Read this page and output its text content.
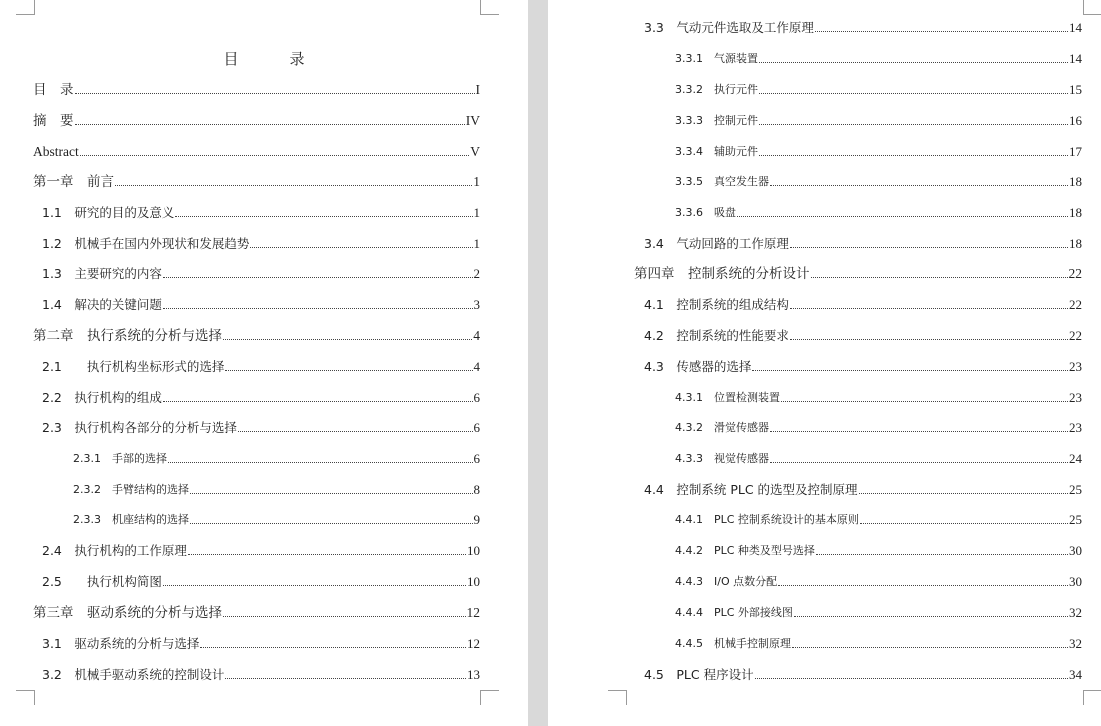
目　录
目　录	I
摘　要	IV
Abstract	V
第一章　前言	1
1.1　研究的目的及意义	1
1.2　机械手在国内外现状和发展趋势	1
1.3　主要研究的内容	2
1.4　解决的关键问题	3
第二章　执行系统的分析与选择	4
2.1　　执行机构坐标形式的选择	4
2.2　执行机构的组成	6
2.3　执行机构各部分的分析与选择	6
2.3.1　手部的选择	6
2.3.2　手臂结构的选择	8
2.3.3　机座结构的选择	9
2.4　执行机构的工作原理	10
2.5　　执行机构简图	10
第三章　驱动系统的分析与选择	12
3.1　驱动系统的分析与选择	12
3.2　机械手驱动系统的控制设计	13
3.3　气动元件选取及工作原理	14
3.3.1　气源装置	14
3.3.2　执行元件	15
3.3.3　控制元件	16
3.3.4　辅助元件	17
3.3.5　真空发生器	18
3.3.6　吸盘	18
3.4　气动回路的工作原理	18
第四章　控制系统的分析设计	22
4.1　控制系统的组成结构	22
4.2　控制系统的性能要求	22
4.3　传感器的选择	23
4.3.1　位置检测装置	23
4.3.2　滑觉传感器	23
4.3.3　视觉传感器	24
4.4　控制系统 PLC 的选型及控制原理	25
4.4.1　PLC 控制系统设计的基本原则	25
4.4.2　PLC 种类及型号选择	30
4.4.3　I/O 点数分配	30
4.4.4　PLC 外部接线图	32
4.4.5　机械手控制原理	32
4.5　PLC 程序设计	34
